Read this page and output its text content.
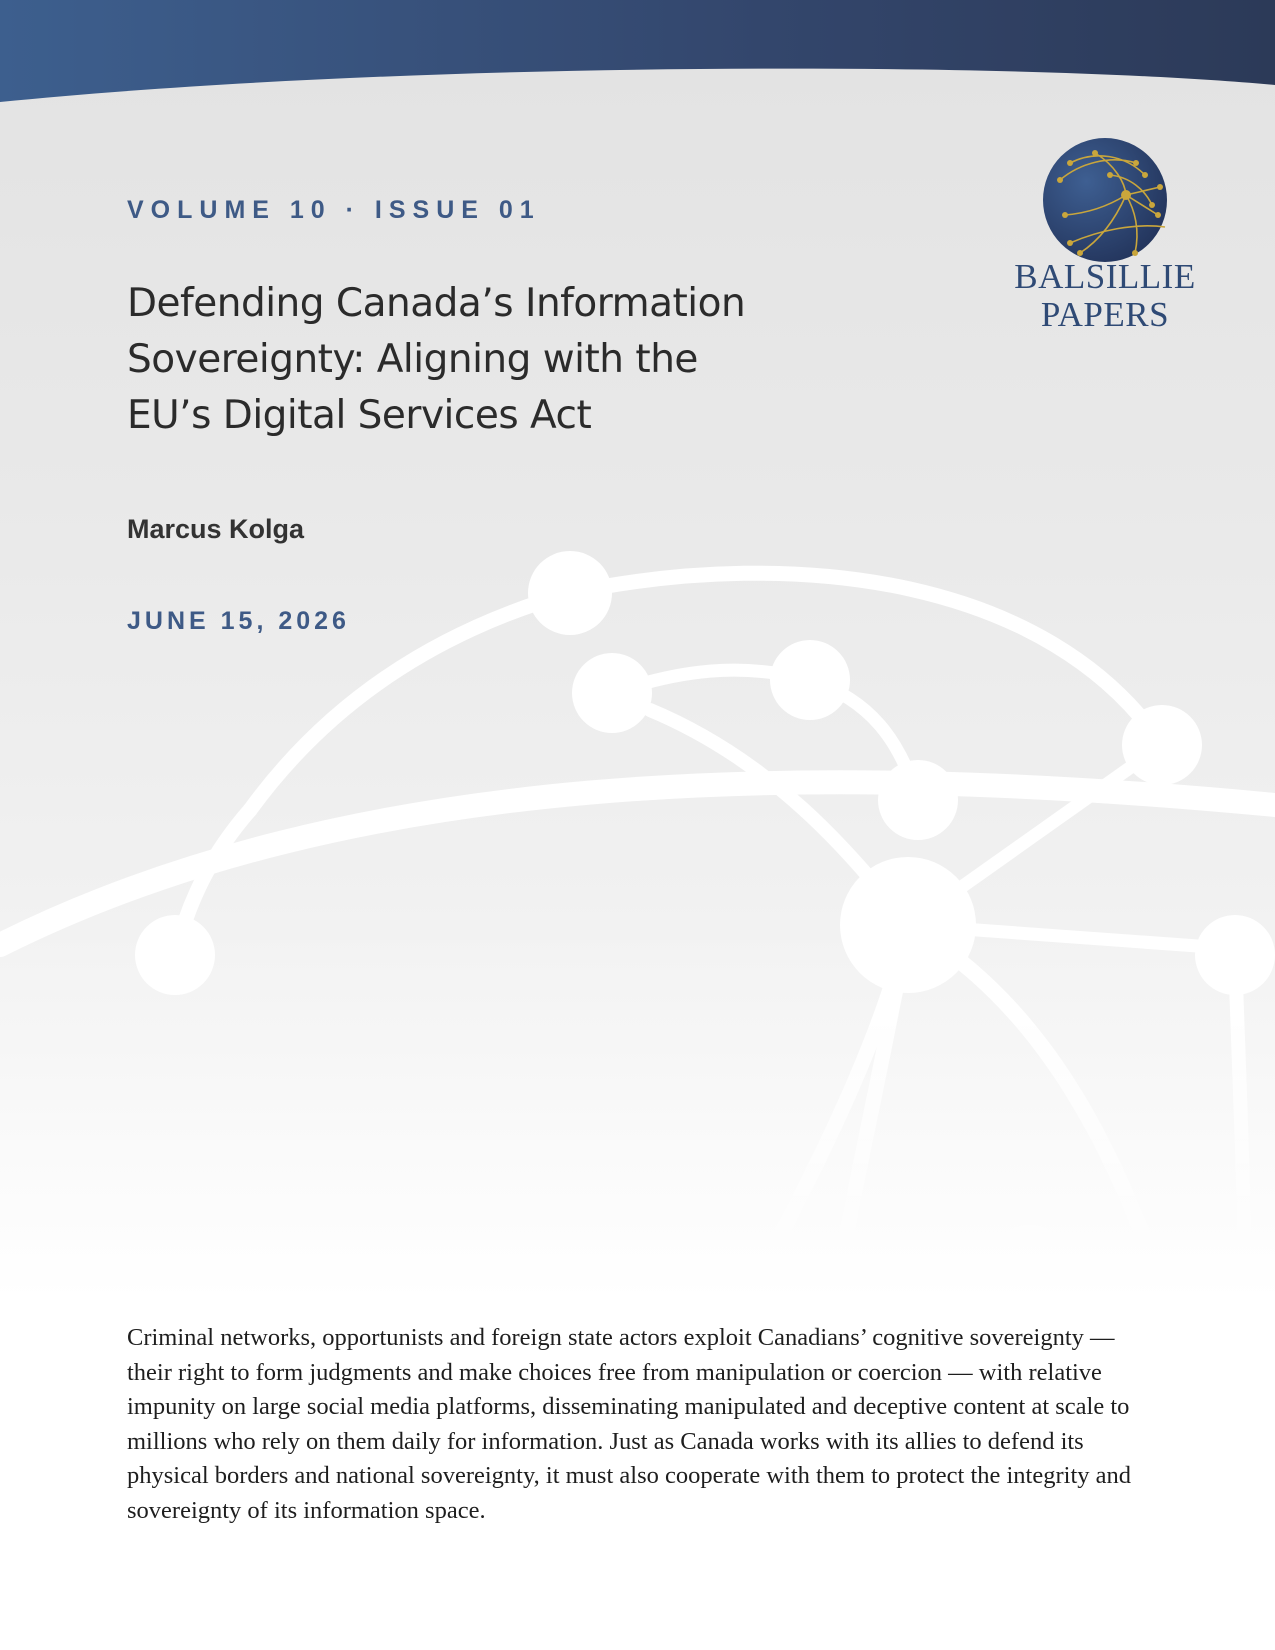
VOLUME 10 · ISSUE 01
Defending Canada’s Information
Sovereignty: Aligning with the
EU’s Digital Services Act
Marcus Kolga
JUNE 15, 2026
BALSILLIE
PAPERS

Criminal networks, opportunists and foreign state actors exploit Canadians’ cognitive sovereignty — their right to form judgments and make choices free from manipulation or coercion — with relative impunity on large social media platforms, disseminating manipulated and deceptive content at scale to millions who rely on them daily for information. Just as Canada works with its allies to defend its physical borders and national sovereignty, it must also cooperate with them to protect the integrity and sovereignty of its information space.
